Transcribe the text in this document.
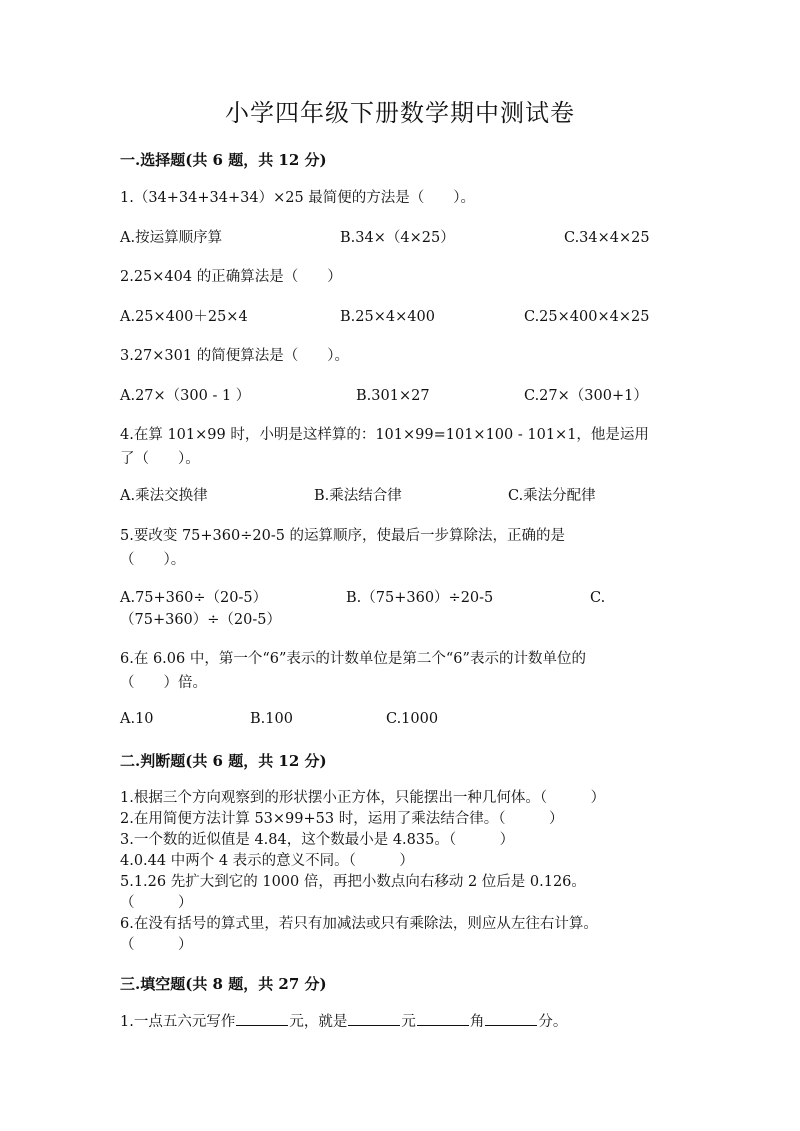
小学四年级下册数学期中测试卷
一.选择题(共 6 题，共 12 分)
1.（34+34+34+34）×25 最简便的方法是（　　）。
A.按运算顺序算	B.34×（4×25）	C.34×4×25
2.25×404 的正确算法是（　　）
A.25×400＋25×4	B.25×4×400	C.25×400×4×25
3.27×301 的简便算法是（　　）。
A.27×（300 - 1 ）	B.301×27	C.27×（300+1）
4.在算 101×99 时，小明是这样算的：101×99=101×100 - 101×1，他是运用
了（　　）。
A.乘法交换律	B.乘法结合律	C.乘法分配律
5.要改变 75+360÷20-5 的运算顺序，使最后一步算除法，正确的是
（　　）。
A.75+360÷（20-5）	B.（75+360）÷20-5	C.
（75+360）÷（20-5）
6.在 6.06 中，第一个“6”表示的计数单位是第二个“6”表示的计数单位的
（　　）倍。
A.10	B.100	C.1000
二.判断题(共 6 题，共 12 分)
1.根据三个方向观察到的形状摆小正方体，只能摆出一种几何体。（　　　）
2.在用简便方法计算 53×99+53 时，运用了乘法结合律。（　　　）
3.一个数的近似值是 4.84，这个数最小是 4.835。（　　　）
4.0.44 中两个 4 表示的意义不同。（　　　）
5.1.26 先扩大到它的 1000 倍，再把小数点向右移动 2 位后是 0.126。
（　　　）
6.在没有括号的算式里，若只有加减法或只有乘除法，则应从左往右计算。
（　　　）
三.填空题(共 8 题，共 27 分)
1.一点五六元写作	元，就是	元	角	分。
